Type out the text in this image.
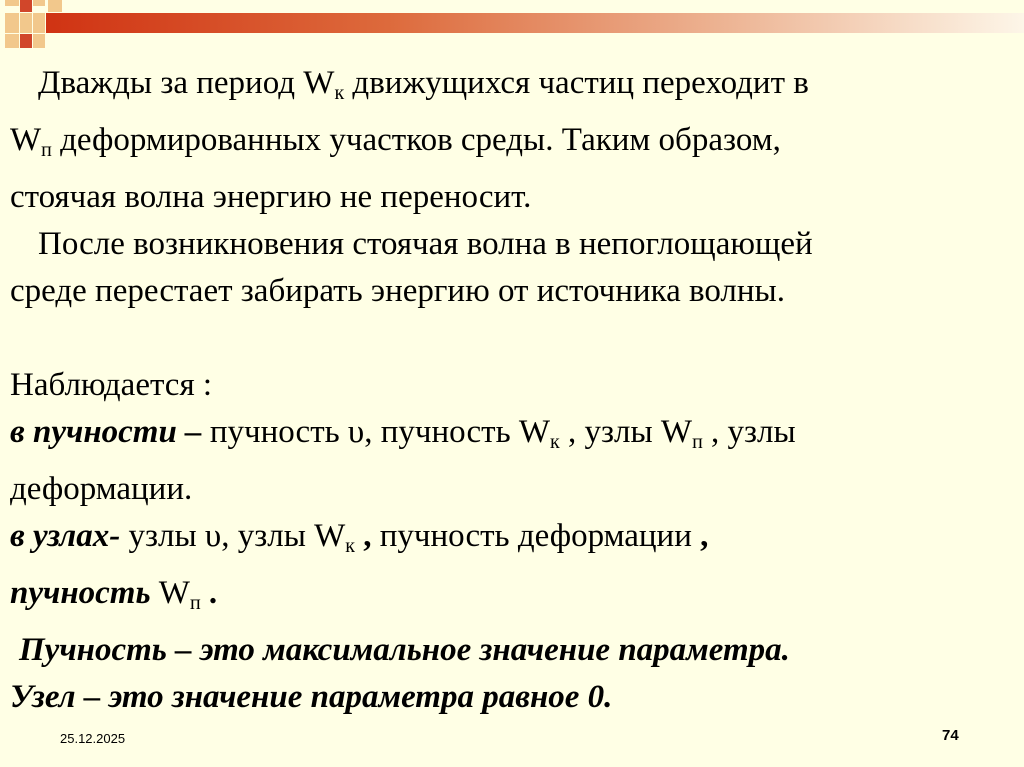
Дважды за период $W_к$ движущихся частиц переходит в

$W_п$ деформированных участков среды. Таким образом,
стоячая волна энергию не переносит.

После возникновения стоячая волна в непоглощающей

среде перестает забирать энергию от источника волны.

Наблюдается :

в пучности – пучность υ, пучность $W_к$ , узлы $W_п$ , узлы
деформации.

в узлах- узлы υ, узлы $W_к$ , пучность деформации ,
пучность $W_п$ .

Пучность – это максимальное значение параметра.

Узел – это значение параметра равное 0.

25.12.2025	74
